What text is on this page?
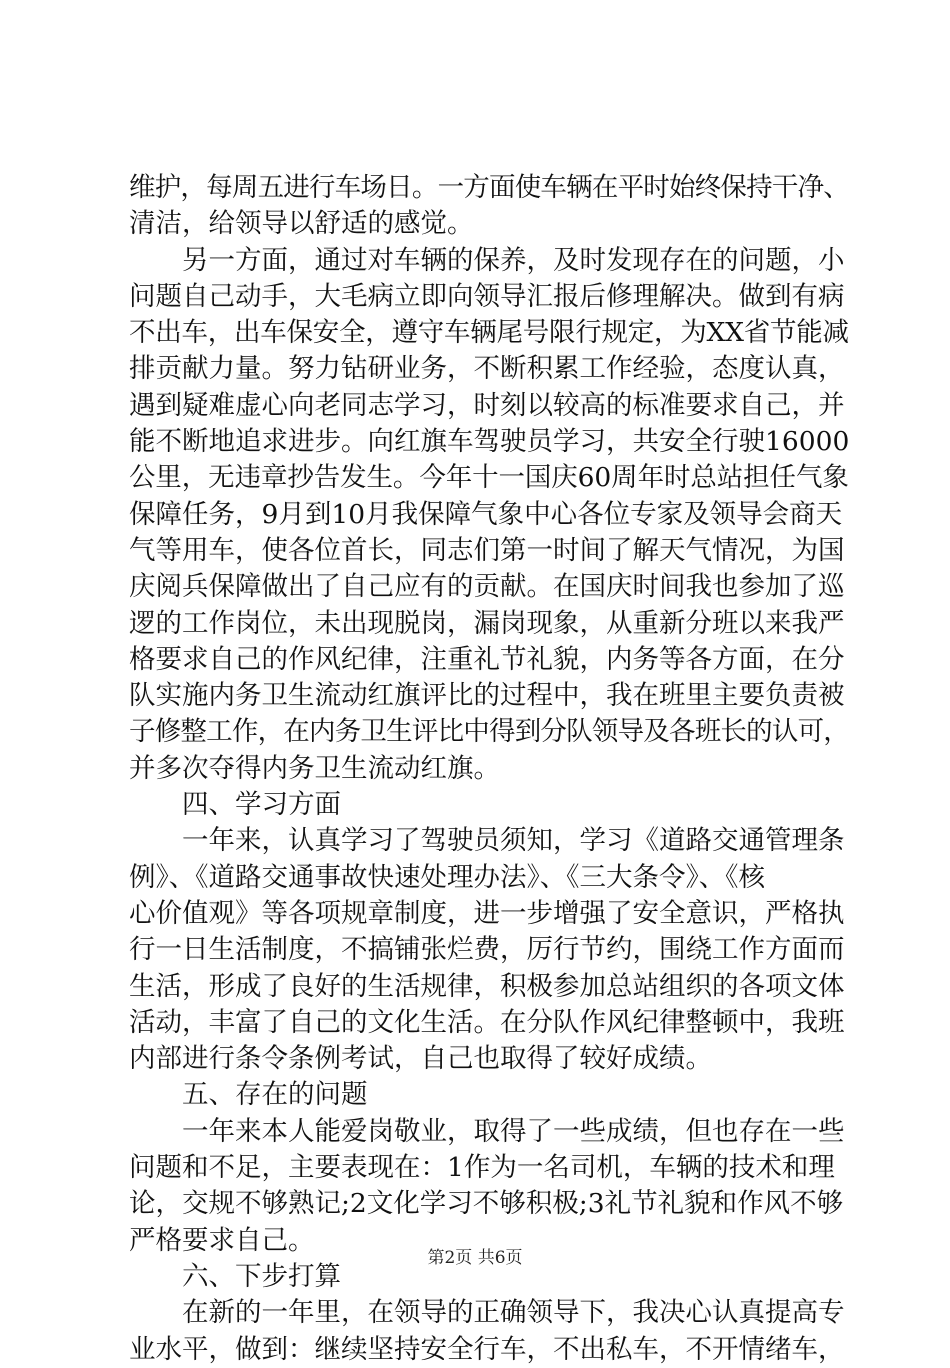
维护，每周五进行车场日。一方面使车辆在平时始终保持干净、
清洁，给领导以舒适的感觉。

另一方面，通过对车辆的保养，及时发现存在的问题，小
问题自己动手，大毛病立即向领导汇报后修理解决。做到有病
不出车，出车保安全，遵守车辆尾号限行规定，为XX省节能减
排贡献力量。努力钻研业务，不断积累工作经验，态度认真，
遇到疑难虚心向老同志学习，时刻以较高的标准要求自己，并
能不断地追求进步。向红旗车驾驶员学习，共安全行驶16000
公里，无违章抄告发生。今年十一国庆60周年时总站担任气象
保障任务，9月到10月我保障气象中心各位专家及领导会商天
气等用车，使各位首长，同志们第一时间了解天气情况，为国
庆阅兵保障做出了自己应有的贡献。在国庆时间我也参加了巡
逻的工作岗位，未出现脱岗，漏岗现象，从重新分班以来我严
格要求自己的作风纪律，注重礼节礼貌，内务等各方面，在分
队实施内务卫生流动红旗评比的过程中，我在班里主要负责被
子修整工作，在内务卫生评比中得到分队领导及各班长的认可，
并多次夺得内务卫生流动红旗。

四、学习方面

一年来，认真学习了驾驶员须知，学习《道路交通管理条
例》、《道路交通事故快速处理办法》、《三大条令》、《核
心价值观》等各项规章制度，进一步增强了安全意识，严格执
行一日生活制度，不搞铺张烂费，厉行节约，围绕工作方面而
生活，形成了良好的生活规律，积极参加总站组织的各项文体
活动，丰富了自己的文化生活。在分队作风纪律整顿中，我班
内部进行条令条例考试，自己也取得了较好成绩。

五、存在的问题

一年来本人能爱岗敬业，取得了一些成绩，但也存在一些
问题和不足，主要表现在：1作为一名司机，车辆的技术和理
论，交规不够熟记;2文化学习不够积极;3礼节礼貌和作风不够
严格要求自己。

六、下步打算

在新的一年里，在领导的正确领导下，我决心认真提高专
业水平，做到：继续坚持安全行车，不出私车，不开情绪车，

第2页 共6页
